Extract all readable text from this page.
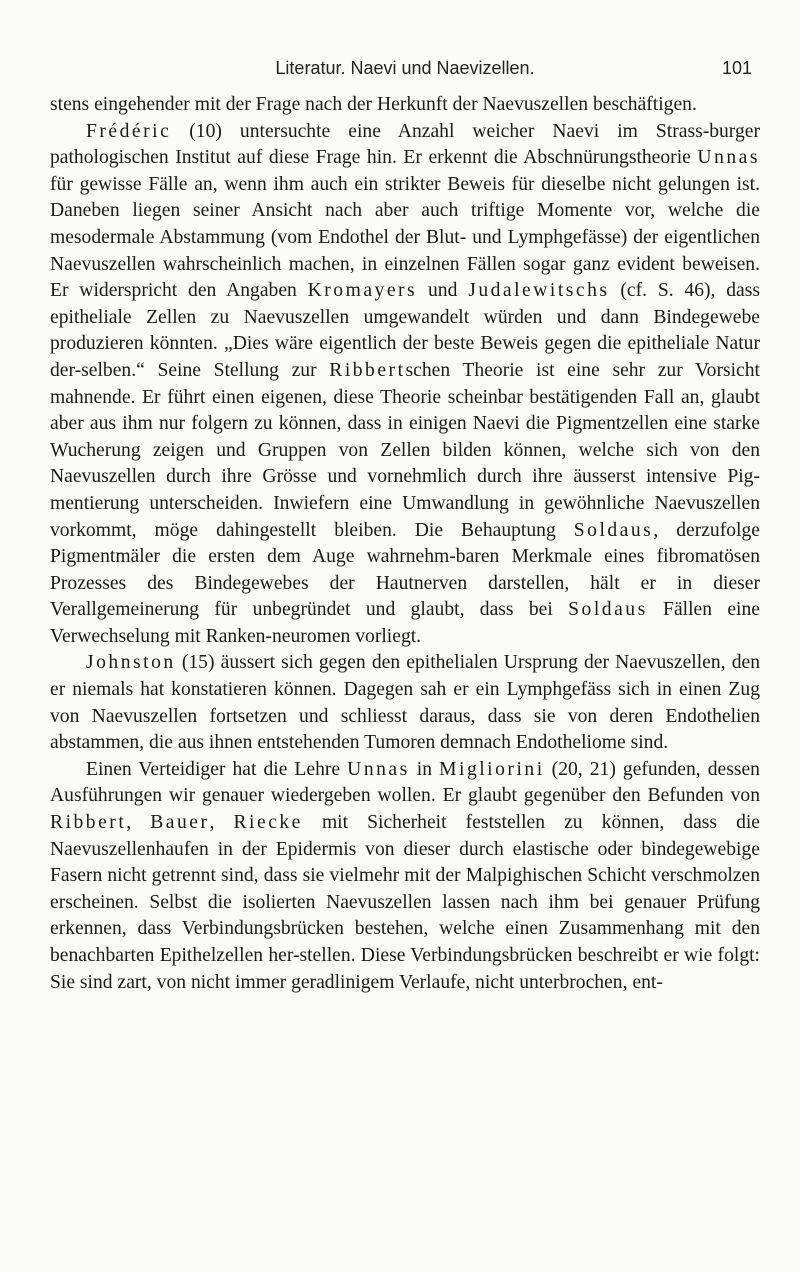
Literatur. Naevi und Naevizellen.	101

stens eingehender mit der Frage nach der Herkunft der Naevuszellen beschäftigen.

Frédéric (10) untersuchte eine Anzahl weicher Naevi im Strass-burger pathologischen Institut auf diese Frage hin. Er erkennt die Abschnürungstheorie Unnas für gewisse Fälle an, wenn ihm auch ein strikter Beweis für dieselbe nicht gelungen ist. Daneben liegen seiner Ansicht nach aber auch triftige Momente vor, welche die mesodermale Abstammung (vom Endothel der Blut- und Lymphgefässe) der eigentlichen Naevuszellen wahrscheinlich machen, in einzelnen Fällen sogar ganz evident beweisen. Er widerspricht den Angaben Kromayers und Judalewitschs (cf. S. 46), dass epitheliale Zellen zu Naevuszellen umgewandelt würden und dann Bindegewebe produzieren könnten. „Dies wäre eigentlich der beste Beweis gegen die epitheliale Natur der-selben.“ Seine Stellung zur Ribbertschen Theorie ist eine sehr zur Vorsicht mahnende. Er führt einen eigenen, diese Theorie scheinbar bestätigenden Fall an, glaubt aber aus ihm nur folgern zu können, dass in einigen Naevi die Pigmentzellen eine starke Wucherung zeigen und Gruppen von Zellen bilden können, welche sich von den Naevuszellen durch ihre Grösse und vornehmlich durch ihre äusserst intensive Pig-mentierung unterscheiden. Inwiefern eine Umwandlung in gewöhnliche Naevuszellen vorkommt, möge dahingestellt bleiben. Die Behauptung Soldaus, derzufolge Pigmentmäler die ersten dem Auge wahrnehm-baren Merkmale eines fibromatösen Prozesses des Bindegewebes der Hautnerven darstellen, hält er in dieser Verallgemeinerung für unbegründet und glaubt, dass bei Soldaus Fällen eine Verwechselung mit Ranken-neuromen vorliegt.

Johnston (15) äussert sich gegen den epithelialen Ursprung der Naevuszellen, den er niemals hat konstatieren können. Dagegen sah er ein Lymphgefäss sich in einen Zug von Naevuszellen fortsetzen und schliesst daraus, dass sie von deren Endothelien abstammen, die aus ihnen entstehenden Tumoren demnach Endotheliome sind.

Einen Verteidiger hat die Lehre Unnas in Migliorini (20, 21) gefunden, dessen Ausführungen wir genauer wiedergeben wollen. Er glaubt gegenüber den Befunden von Ribbert, Bauer, Riecke mit Sicherheit feststellen zu können, dass die Naevuszellenhaufen in der Epidermis von dieser durch elastische oder bindegewebige Fasern nicht getrennt sind, dass sie vielmehr mit der Malpighischen Schicht verschmolzen erscheinen. Selbst die isolierten Naevuszellen lassen nach ihm bei genauer Prüfung erkennen, dass Verbindungsbrücken bestehen, welche einen Zusammenhang mit den benachbarten Epithelzellen her-stellen. Diese Verbindungsbrücken beschreibt er wie folgt: Sie sind zart, von nicht immer geradlinigem Verlaufe, nicht unterbrochen, ent-
